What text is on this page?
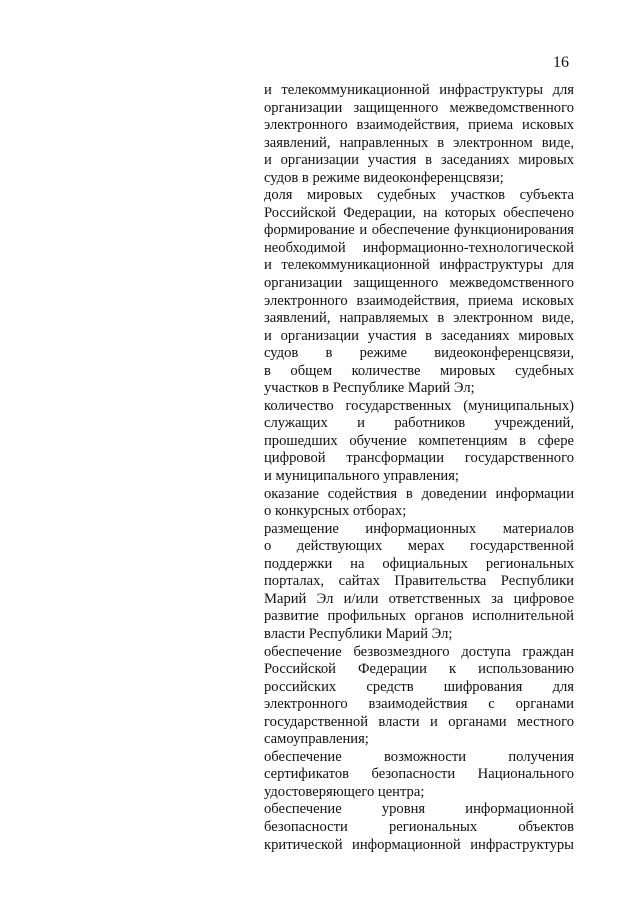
16
и телекоммуникационной инфраструктуры для
организации защищенного межведомственного
электронного взаимодействия, приема исковых
заявлений, направленных в электронном виде,
и организации участия в заседаниях мировых
судов в режиме видеоконференцсвязи;
доля мировых судебных участков субъекта
Российской Федерации, на которых обеспечено
формирование и обеспечение функционирования
необходимой информационно-технологической
и телекоммуникационной инфраструктуры для
организации защищенного межведомственного
электронного взаимодействия, приема исковых
заявлений, направляемых в электронном виде,
и организации участия в заседаниях мировых
судов в режиме видеоконференцсвязи,
в общем количестве мировых судебных
участков в Республике Марий Эл;
количество государственных (муниципальных)
служащих и работников учреждений,
прошедших обучение компетенциям в сфере
цифровой трансформации государственного
и муниципального управления;
оказание содействия в доведении информации
о конкурсных отборах;
размещение информационных материалов
о действующих мерах государственной
поддержки на официальных региональных
порталах, сайтах Правительства Республики
Марий Эл и/или ответственных за цифровое
развитие профильных органов исполнительной
власти Республики Марий Эл;
обеспечение безвозмездного доступа граждан
Российской Федерации к использованию
российских средств шифрования для
электронного взаимодействия с органами
государственной власти и органами местного
самоуправления;
обеспечение возможности получения
сертификатов безопасности Национального
удостоверяющего центра;
обеспечение уровня информационной
безопасности региональных объектов
критической информационной инфраструктуры
